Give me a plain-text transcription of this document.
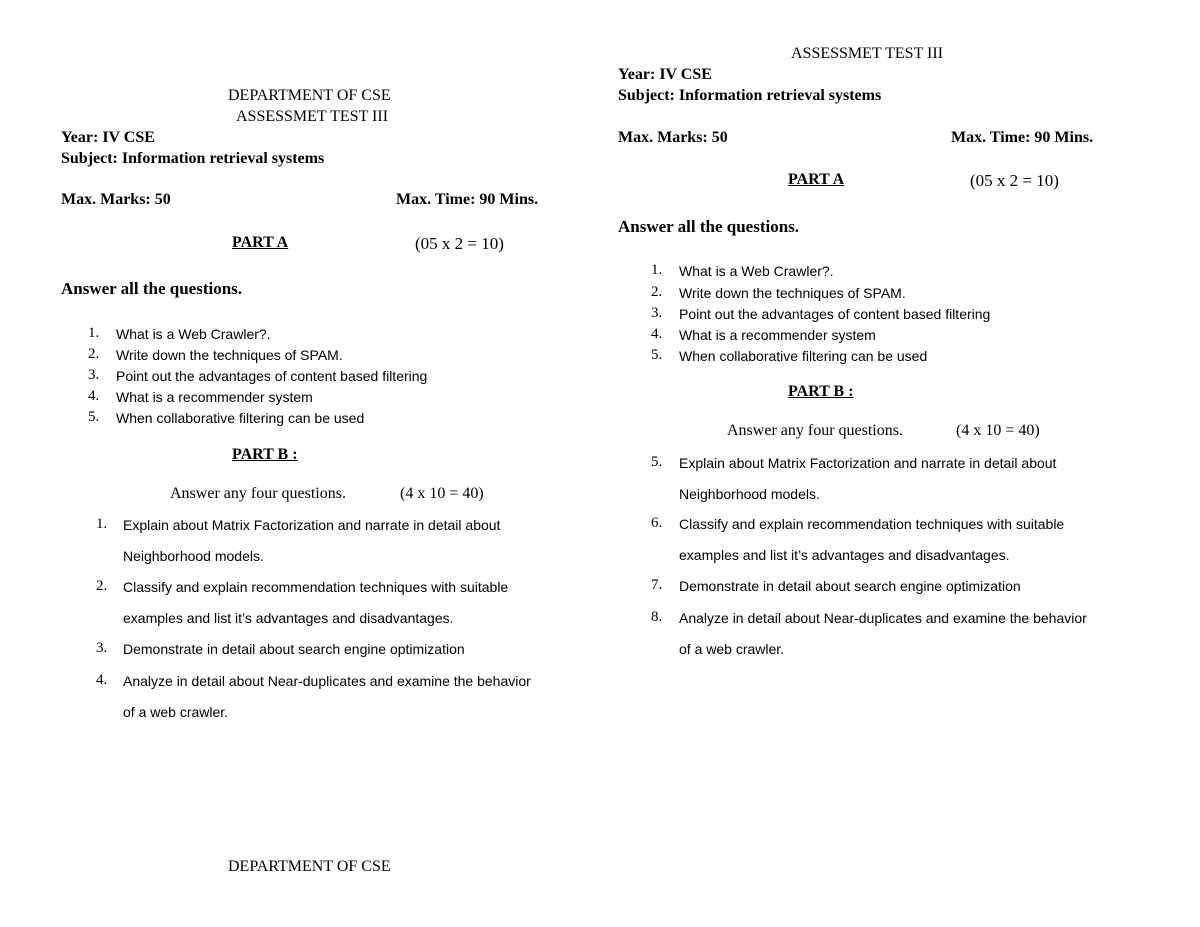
DEPARTMENT OF CSE
ASSESSMET TEST III
Year: IV CSE
Subject: Information retrieval systems
Max. Marks: 50	Max. Time: 90 Mins.
PART A	(05 x 2 = 10)
Answer all the questions.
1. What is a Web Crawler?.
2. Write down the techniques of SPAM.
3. Point out the advantages of content based filtering
4. What is a recommender system
5. When collaborative filtering can be used
PART B :
Answer any four questions.	(4 x 10 = 40)
1. Explain about Matrix Factorization and narrate in detail about
Neighborhood models.
2. Classify and explain recommendation techniques with suitable
examples and list it’s advantages and disadvantages.
3. Demonstrate in detail about search engine optimization
4. Analyze in detail about Near-duplicates and examine the behavior
of a web crawler.
DEPARTMENT OF CSE
ASSESSMET TEST III
Year: IV CSE
Subject: Information retrieval systems
Max. Marks: 50	Max. Time: 90 Mins.
PART A	(05 x 2 = 10)
Answer all the questions.
1. What is a Web Crawler?.
2. Write down the techniques of SPAM.
3. Point out the advantages of content based filtering
4. What is a recommender system
5. When collaborative filtering can be used
PART B :
Answer any four questions.	(4 x 10 = 40)
5. Explain about Matrix Factorization and narrate in detail about
Neighborhood models.
6. Classify and explain recommendation techniques with suitable
examples and list it’s advantages and disadvantages.
7. Demonstrate in detail about search engine optimization
8. Analyze in detail about Near-duplicates and examine the behavior
of a web crawler.
